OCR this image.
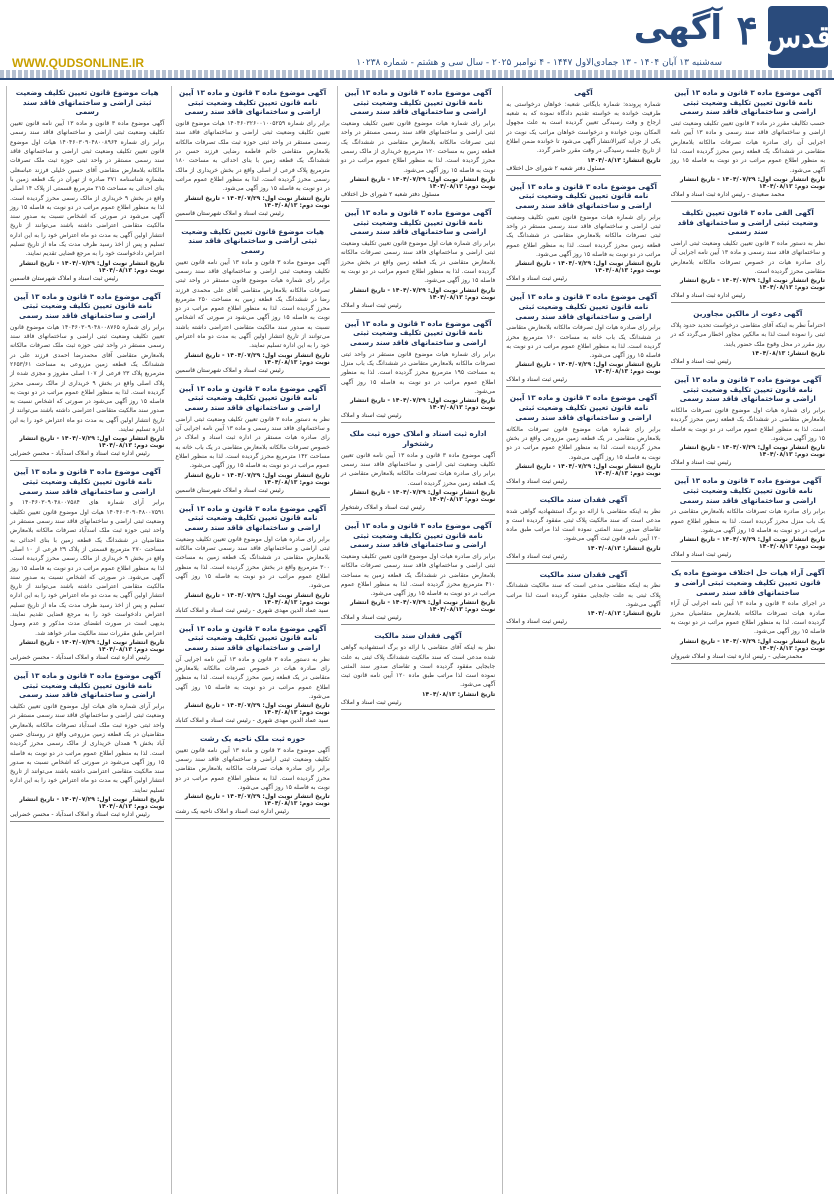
قدس
۴
آگهی
سه‌شنبه ۱۳ آبان ۱۴۰۴ - ۱۳ جمادی‌الاول ۱۴۴۷ - ۴ نوامبر ۲۰۲۵ - سال سی و هشتم - شماره ۱۰۲۳۸
WWW.QUDSONLINE.IR
هیات موضوع قانون تعیین تکلیف وضعیت ثبتی اراضی و ساختمانهای فاقد سند رسمی
آگهی موضوع ماده ۳ قانون و ماده ۱۳ آیین نامه قانون تعیین تکلیف وضعیت ثبتی اراضی و ساختمانهای فاقد سند رسمی برابر رای شماره ۱۴۰۴۶۰۳۰۹۰۴۸۰۰۸۹۶۴ هیات اول موضوع قانون تعیین تکلیف وضعیت ثبتی اراضی و ساختمانهای فاقد سند رسمی مستقر در واحد ثبتی حوزه ثبت ملک تصرفات مالکانه بلامعارض متقاضی آقای حسین خلیلی فرزند عباسعلی بشماره شناسنامه ۳۷۱ صادره از تهران در یک قطعه زمین با بنای احداثی به مساحت ۲۱۵ مترمربع قسمتی از پلاک ۱۴ اصلی واقع در بخش ۹ خریداری از مالک رسمی محرز گردیده است. لذا به منظور اطلاع عموم مراتب در دو نوبت به فاصله ۱۵ روز آگهی می‌شود در صورتی که اشخاص نسبت به صدور سند مالکیت متقاضی اعتراضی داشته باشند می‌توانند از تاریخ انتشار اولین آگهی به مدت دو ماه اعتراض خود را به این اداره تسلیم و پس از اخذ رسید ظرف مدت یک ماه از تاریخ تسلیم اعتراض دادخواست خود را به مرجع قضایی تقدیم نمایند.
تاریخ انتشار نوبت اول: ۱۴۰۴/۰۷/۲۹ - تاریخ انتشار نوبت دوم: ۱۴۰۴/۰۸/۱۳
رئیس ثبت اسناد و املاک شهرستان قاسمین
آگهی موضوع ماده ۳ قانون و ماده ۱۳ آیین نامه قانون تعیین تکلیف وضعیت ثبتی اراضی و ساختمانهای فاقد سند رسمی
برابر رای شماره ۱۴۰۴۶۰۳۰۹۰۴۸۰۰۸۷۶۵ هیات موضوع قانون تعیین تکلیف وضعیت ثبتی اراضی و ساختمانهای فاقد سند رسمی مستقر در واحد ثبتی حوزه ثبت ملک تصرفات مالکانه بلامعارض متقاضی آقای محمدرضا احمدی فرزند علی در ششدانگ یک قطعه زمین مزروعی به مساحت ۲۶۵۳/۶۱ مترمربع پلاک ۲۳ فرعی از ۱۰۷ اصلی مفروز و مجزی شده از پلاک اصلی واقع در بخش ۹ خریداری از مالک رسمی محرز گردیده است. لذا به منظور اطلاع عموم مراتب در دو نوبت به فاصله ۱۵ روز آگهی می‌شود در صورتی که اشخاص نسبت به صدور سند مالکیت متقاضی اعتراضی داشته باشند می‌توانند از تاریخ انتشار اولین آگهی به مدت دو ماه اعتراض خود را به این اداره تسلیم نمایند.
تاریخ انتشار نوبت اول: ۱۴۰۴/۰۷/۲۹ - تاریخ انتشار نوبت دوم: ۱۴۰۴/۰۸/۱۳
رئیس اداره ثبت اسناد و املاک اسدآباد - محسن خضرایی
آگهی موضوع ماده ۳ قانون و ماده ۱۳ آیین نامه قانون تعیین تکلیف وضعیت ثبتی اراضی و ساختمانهای فاقد سند رسمی
برابر آرای شماره های ۱۴۰۴۶۰۳۰۹۰۴۸۰۰۷۵۸۴ و ۱۴۰۴۶۰۳۰۹۰۴۸۰۰۷۵۹۱ هیات اول موضوع قانون تعیین تکلیف وضعیت ثبتی اراضی و ساختمانهای فاقد سند رسمی مستقر در واحد ثبتی حوزه ثبت ملک اسدآباد تصرفات مالکانه بلامعارض متقاضیان در ششدانگ یک قطعه زمین با بنای احداثی به مساحت ۲۷۰ مترمربع قسمتی از پلاک ۲۹ فرعی از ۱۰ اصلی واقع در بخش ۹ خریداری از مالک رسمی محرز گردیده است. لذا به منظور اطلاع عموم مراتب در دو نوبت به فاصله ۱۵ روز آگهی می‌شود. در صورتی که اشخاص نسبت به صدور سند مالکیت متقاضی اعتراضی داشته باشند می‌توانند از تاریخ انتشار اولین آگهی به مدت دو ماه اعتراض خود را به این اداره تسلیم و پس از اخذ رسید ظرف مدت یک ماه از تاریخ تسلیم اعتراض دادخواست خود را به مرجع قضایی تقدیم نمایند. بدیهی است در صورت انقضای مدت مذکور و عدم وصول اعتراض طبق مقررات سند مالکیت صادر خواهد شد.
تاریخ انتشار نوبت اول: ۱۴۰۴/۰۷/۲۹ - تاریخ انتشار نوبت دوم: ۱۴۰۴/۰۸/۱۳
رئیس اداره ثبت اسناد و املاک اسدآباد - محسن خضرایی
آگهی موضوع ماده ۳ قانون و ماده ۱۳ آیین نامه قانون تعیین تکلیف وضعیت ثبتی اراضی و ساختمانهای فاقد سند رسمی
برابر آرای شماره های هیات اول موضوع قانون تعیین تکلیف وضعیت ثبتی اراضی و ساختمانهای فاقد سند رسمی مستقر در واحد ثبتی حوزه ثبت ملک اسدآباد تصرفات مالکانه بلامعارض متقاضیان در یک قطعه زمین مزروعی واقع در روستای حسن آباد بخش ۹ همدان خریداری از مالک رسمی محرز گردیده است. لذا به منظور اطلاع عموم مراتب در دو نوبت به فاصله ۱۵ روز آگهی می‌شود در صورتی که اشخاص نسبت به صدور سند مالکیت متقاضی اعتراضی داشته باشند می‌توانند از تاریخ انتشار اولین آگهی به مدت دو ماه اعتراض خود را به این اداره تسلیم نمایند.
تاریخ انتشار نوبت اول: ۱۴۰۴/۰۷/۲۹ - تاریخ انتشار نوبت دوم: ۱۴۰۴/۰۸/۱۳
رئیس اداره ثبت اسناد و املاک اسدآباد - محسن خضرایی
آگهی موضوع ماده ۳ قانون و ماده ۱۳ آیین نامه قانون تعیین تکلیف وضعیت ثبتی اراضی و ساختمانهای فاقد سند رسمی
برابر رای شماره ۱۴۰۴۶۰۳۲۶۰۰۱۰۰۵۲۵۹ هیات موضوع قانون تعیین تکلیف وضعیت ثبتی اراضی و ساختمانهای فاقد سند رسمی مستقر در واحد ثبتی حوزه ثبت ملک تصرفات مالکانه بلامعارض متقاضی خانم فاطمه رضایی فرزند حسن در ششدانگ یک قطعه زمین با بنای احداثی به مساحت ۱۸۰ مترمربع پلاک فرعی از اصلی واقع در بخش خریداری از مالک رسمی محرز گردیده است. لذا به منظور اطلاع عموم مراتب در دو نوبت به فاصله ۱۵ روز آگهی می‌شود.
تاریخ انتشار نوبت اول: ۱۴۰۴/۰۷/۲۹ - تاریخ انتشار نوبت دوم: ۱۴۰۴/۰۸/۱۳
رئیس ثبت اسناد و املاک شهرستان قاسمین
هیات موضوع قانون تعیین تکلیف وضعیت ثبتی اراضی و ساختمانهای فاقد سند رسمی
آگهی موضوع ماده ۳ قانون و ماده ۱۳ آیین نامه قانون تعیین تکلیف وضعیت ثبتی اراضی و ساختمانهای فاقد سند رسمی برابر رای شماره هیات موضوع قانون مستقر در واحد ثبتی تصرفات مالکانه بلامعارض متقاضی آقای علی محمدی فرزند رضا در ششدانگ یک قطعه زمین به مساحت ۲۵۰ مترمربع محرز گردیده است. لذا به منظور اطلاع عموم مراتب در دو نوبت به فاصله ۱۵ روز آگهی می‌شود در صورتی که اشخاص نسبت به صدور سند مالکیت متقاضی اعتراضی داشته باشند می‌توانند از تاریخ انتشار اولین آگهی به مدت دو ماه اعتراض خود را به این اداره تسلیم نمایند.
تاریخ انتشار نوبت اول: ۱۴۰۴/۰۷/۲۹ - تاریخ انتشار نوبت دوم: ۱۴۰۴/۰۸/۱۳
رئیس ثبت اسناد و املاک شهرستان قاسمین
آگهی موضوع ماده ۳ قانون و ماده ۱۳ آیین نامه قانون تعیین تکلیف وضعیت ثبتی اراضی و ساختمانهای فاقد سند رسمی
نظر به دستور ماده ۳ قانون تعیین تکلیف وضعیت ثبتی اراضی و ساختمانهای فاقد سند رسمی و ماده ۱۳ آیین نامه اجرایی آن رای صادره هیات مستقر در اداره ثبت اسناد و املاک در خصوص تصرفات مالکانه بلامعارض متقاضی در یک باب خانه به مساحت ۱۴۲ مترمربع محرز گردیده است. لذا به منظور اطلاع عموم مراتب در دو نوبت به فاصله ۱۵ روز آگهی می‌شود.
تاریخ انتشار نوبت اول: ۱۴۰۴/۰۷/۲۹ - تاریخ انتشار نوبت دوم: ۱۴۰۴/۰۸/۱۳
رئیس ثبت اسناد و املاک شهرستان قاسمین
آگهی موضوع ماده ۳ قانون و ماده ۱۳ آیین نامه قانون تعیین تکلیف وضعیت ثبتی اراضی و ساختمانهای فاقد سند رسمی
برابر رای صادره هیات اول موضوع قانون تعیین تکلیف وضعیت ثبتی اراضی و ساختمانهای فاقد سند رسمی تصرفات مالکانه بلامعارض متقاضی در ششدانگ یک قطعه زمین به مساحت ۳۰۰ مترمربع واقع در بخش محرز گردیده است. لذا به منظور اطلاع عموم مراتب در دو نوبت به فاصله ۱۵ روز آگهی می‌شود.
تاریخ انتشار نوبت اول: ۱۴۰۴/۰۷/۲۹ - تاریخ انتشار نوبت دوم: ۱۴۰۴/۰۸/۱۳
سید عماد الدین مهدی شهری - رئیس ثبت اسناد و املاک کناباد
آگهی موضوع ماده ۳ قانون و ماده ۱۳ آیین نامه قانون تعیین تکلیف وضعیت ثبتی اراضی و ساختمانهای فاقد سند رسمی
نظر به دستور ماده ۳ قانون و ماده ۱۳ آیین نامه اجرایی آن رای صادره هیات در خصوص تصرفات مالکانه بلامعارض متقاضی در یک قطعه زمین محرز گردیده است. لذا به منظور اطلاع عموم مراتب در دو نوبت به فاصله ۱۵ روز آگهی می‌شود.
تاریخ انتشار نوبت اول: ۱۴۰۴/۰۷/۲۹ - تاریخ انتشار نوبت دوم: ۱۴۰۴/۰۸/۱۳
سید عماد الدین مهدی شهری - رئیس ثبت اسناد و املاک کناباد
حوزه ثبت ملک ناحیه یک رشت
آگهی موضوع ماده ۳ قانون و ماده ۱۳ آیین نامه قانون تعیین تکلیف وضعیت ثبتی اراضی و ساختمانهای فاقد سند رسمی برابر رای صادره هیات تصرفات مالکانه بلامعارض متقاضی محرز گردیده است. لذا به منظور اطلاع عموم مراتب در دو نوبت به فاصله ۱۵ روز آگهی می‌شود.
تاریخ انتشار نوبت اول: ۱۴۰۴/۰۷/۲۹ - تاریخ انتشار نوبت دوم: ۱۴۰۴/۰۸/۱۳
رئیس اداره ثبت اسناد و املاک ناحیه یک رشت
آگهی موضوع ماده ۳ قانون و ماده ۱۳ آیین نامه قانون تعیین تکلیف وضعیت ثبتی اراضی و ساختمانهای فاقد سند رسمی
برابر رای شماره هیات موضوع قانون تعیین تکلیف وضعیت ثبتی اراضی و ساختمانهای فاقد سند رسمی مستقر در واحد ثبتی تصرفات مالکانه بلامعارض متقاضی در ششدانگ یک قطعه زمین به مساحت ۱۲۰ مترمربع خریداری از مالک رسمی محرز گردیده است. لذا به منظور اطلاع عموم مراتب در دو نوبت به فاصله ۱۵ روز آگهی می‌شود.
تاریخ انتشار نوبت اول: ۱۴۰۴/۰۷/۲۹ - تاریخ انتشار نوبت دوم: ۱۴۰۴/۰۸/۱۳
مسئول دفتر شعبه ۲ شورای حل اختلاف
آگهی موضوع ماده ۳ قانون و ماده ۱۳ آیین نامه قانون تعیین تکلیف وضعیت ثبتی اراضی و ساختمانهای فاقد سند رسمی
برابر رای شماره هیات اول موضوع قانون تعیین تکلیف وضعیت ثبتی اراضی و ساختمانهای فاقد سند رسمی تصرفات مالکانه بلامعارض متقاضی در یک قطعه زمین واقع در بخش محرز گردیده است. لذا به منظور اطلاع عموم مراتب در دو نوبت به فاصله ۱۵ روز آگهی می‌شود.
تاریخ انتشار نوبت اول: ۱۴۰۴/۰۷/۲۹ - تاریخ انتشار نوبت دوم: ۱۴۰۴/۰۸/۱۳
رئیس ثبت اسناد و املاک
آگهی موضوع ماده ۳ قانون و ماده ۱۳ آیین نامه قانون تعیین تکلیف وضعیت ثبتی اراضی و ساختمانهای فاقد سند رسمی
برابر رای شماره هیات موضوع قانون مستقر در واحد ثبتی تصرفات مالکانه بلامعارض متقاضی در ششدانگ یک باب منزل به مساحت ۱۹۵ مترمربع محرز گردیده است. لذا به منظور اطلاع عموم مراتب در دو نوبت به فاصله ۱۵ روز آگهی می‌شود.
تاریخ انتشار نوبت اول: ۱۴۰۴/۰۷/۲۹ - تاریخ انتشار نوبت دوم: ۱۴۰۴/۰۸/۱۳
رئیس ثبت اسناد و املاک
اداره ثبت اسناد و املاک حوزه ثبت ملک رشتخوار
آگهی موضوع ماده ۳ قانون و ماده ۱۳ آیین نامه قانون تعیین تکلیف وضعیت ثبتی اراضی و ساختمانهای فاقد سند رسمی برابر رای صادره هیات تصرفات مالکانه بلامعارض متقاضی در یک قطعه زمین محرز گردیده است.
تاریخ انتشار نوبت اول: ۱۴۰۴/۰۷/۲۹ - تاریخ انتشار نوبت دوم: ۱۴۰۴/۰۸/۱۳
رئیس ثبت اسناد و املاک رشتخوار
آگهی موضوع ماده ۳ قانون و ماده ۱۳ آیین نامه قانون تعیین تکلیف وضعیت ثبتی اراضی و ساختمانهای فاقد سند رسمی
برابر رای صادره هیات اول موضوع قانون تعیین تکلیف وضعیت ثبتی اراضی و ساختمانهای فاقد سند رسمی تصرفات مالکانه بلامعارض متقاضی در ششدانگ یک قطعه زمین به مساحت ۴۱۰ مترمربع محرز گردیده است. لذا به منظور اطلاع عموم مراتب در دو نوبت به فاصله ۱۵ روز آگهی می‌شود.
تاریخ انتشار نوبت اول: ۱۴۰۴/۰۷/۲۹ - تاریخ انتشار نوبت دوم: ۱۴۰۴/۰۸/۱۳
رئیس ثبت اسناد و املاک
آگهی فقدان سند مالکیت
نظر به اینکه آقای متقاضی با ارائه دو برگ استشهادیه گواهی شده مدعی است که سند مالکیت ششدانگ پلاک ثبتی به علت جابجایی مفقود گردیده است و تقاضای صدور سند المثنی نموده است لذا مراتب طبق ماده ۱۲۰ آیین نامه قانون ثبت آگهی می‌شود.
تاریخ انتشار: ۱۴۰۴/۰۸/۱۳
رئیس ثبت اسناد و املاک
آگهی
شماره پرونده: شماره بایگانی شعبه: خواهان درخواستی به طرفیت خوانده به خواسته تقدیم دادگاه نموده که به شعبه ارجاع و وقت رسیدگی تعیین گردیده است به علت مجهول المکان بودن خوانده و درخواست خواهان مراتب یک نوبت در یکی از جراید کثیرالانتشار آگهی می‌شود تا خوانده ضمن اطلاع از تاریخ جلسه رسیدگی در وقت مقرر حاضر گردد.
تاریخ انتشار: ۱۴۰۴/۰۸/۱۳
مسئول دفتر شعبه ۲ شورای حل اختلاف
آگهی موضوع ماده ۳ قانون و ماده ۱۳ آیین نامه قانون تعیین تکلیف وضعیت ثبتی اراضی و ساختمانهای فاقد سند رسمی
برابر رای شماره هیات موضوع قانون تعیین تکلیف وضعیت ثبتی اراضی و ساختمانهای فاقد سند رسمی مستقر در واحد ثبتی تصرفات مالکانه بلامعارض متقاضی در ششدانگ یک قطعه زمین محرز گردیده است. لذا به منظور اطلاع عموم مراتب در دو نوبت به فاصله ۱۵ روز آگهی می‌شود.
تاریخ انتشار نوبت اول: ۱۴۰۴/۰۷/۲۹ - تاریخ انتشار نوبت دوم: ۱۴۰۴/۰۸/۱۳
رئیس ثبت اسناد و املاک
آگهی موضوع ماده ۳ قانون و ماده ۱۳ آیین نامه قانون تعیین تکلیف وضعیت ثبتی اراضی و ساختمانهای فاقد سند رسمی
برابر رای صادره هیات اول تصرفات مالکانه بلامعارض متقاضی در ششدانگ یک باب خانه به مساحت ۱۶۰ مترمربع محرز گردیده است. لذا به منظور اطلاع عموم مراتب در دو نوبت به فاصله ۱۵ روز آگهی می‌شود.
تاریخ انتشار نوبت اول: ۱۴۰۴/۰۷/۲۹ - تاریخ انتشار نوبت دوم: ۱۴۰۴/۰۸/۱۳
رئیس ثبت اسناد و املاک
آگهی موضوع ماده ۳ قانون و ماده ۱۳ آیین نامه قانون تعیین تکلیف وضعیت ثبتی اراضی و ساختمانهای فاقد سند رسمی
برابر رای شماره هیات موضوع قانون تصرفات مالکانه بلامعارض متقاضی در یک قطعه زمین مزروعی واقع در بخش محرز گردیده است. لذا به منظور اطلاع عموم مراتب در دو نوبت به فاصله ۱۵ روز آگهی می‌شود.
تاریخ انتشار نوبت اول: ۱۴۰۴/۰۷/۲۹ - تاریخ انتشار نوبت دوم: ۱۴۰۴/۰۸/۱۳
رئیس ثبت اسناد و املاک
آگهی فقدان سند مالکیت
نظر به اینکه متقاضی با ارائه دو برگ استشهادیه گواهی شده مدعی است که سند مالکیت پلاک ثبتی مفقود گردیده است و تقاضای صدور سند المثنی نموده است لذا مراتب طبق ماده ۱۲۰ آیین نامه قانون ثبت آگهی می‌شود.
تاریخ انتشار: ۱۴۰۴/۰۸/۱۳
رئیس ثبت اسناد و املاک
آگهی فقدان سند مالکیت
نظر به اینکه متقاضی مدعی است که سند مالکیت ششدانگ پلاک ثبتی به علت جابجایی مفقود گردیده است لذا مراتب آگهی می‌شود.
تاریخ انتشار: ۱۴۰۴/۰۸/۱۳
رئیس ثبت اسناد و املاک
آگهی موضوع ماده ۳ قانون و ماده ۱۳ آیین نامه قانون تعیین تکلیف وضعیت ثبتی اراضی و ساختمانهای فاقد سند رسمی
حسب تکالیف مقرر در ماده ۳ قانون تعیین تکلیف وضعیت ثبتی اراضی و ساختمانهای فاقد سند رسمی و ماده ۱۳ آیین نامه اجرایی آن رای صادره هیات تصرفات مالکانه بلامعارض متقاضی در ششدانگ یک قطعه زمین محرز گردیده است. لذا به منظور اطلاع عموم مراتب در دو نوبت به فاصله ۱۵ روز آگهی می‌شود.
تاریخ انتشار نوبت اول: ۱۴۰۴/۰۷/۲۹ - تاریخ انتشار نوبت دوم: ۱۴۰۴/۰۸/۱۳
محمد صعیدی - رئیس اداره ثبت اسناد و املاک
آگهی الفی ماده ۳ قانون تعیین تکلیف وضعیت ثبتی اراضی و ساختمانهای فاقد سند رسمی
نظر به دستور ماده ۳ قانون تعیین تکلیف وضعیت ثبتی اراضی و ساختمانهای فاقد سند رسمی و ماده ۱۳ آیین نامه اجرایی آن رای صادره هیات در خصوص تصرفات مالکانه بلامعارض متقاضی محرز گردیده است.
تاریخ انتشار نوبت اول: ۱۴۰۴/۰۷/۲۹ - تاریخ انتشار نوبت دوم: ۱۴۰۴/۰۸/۱۳
رئیس اداره ثبت اسناد و املاک
آگهی دعوت از مالکین مجاورین
احتراماً نظر به اینکه آقای متقاضی درخواست تحدید حدود پلاک ثبتی را نموده است لذا به مالکین مجاور اخطار می‌گردد که در روز مقرر در محل وقوع ملک حضور یابند.
تاریخ انتشار: ۱۴۰۴/۰۸/۱۳
رئیس ثبت اسناد و املاک
آگهی موضوع ماده ۳ قانون و ماده ۱۳ آیین نامه قانون تعیین تکلیف وضعیت ثبتی اراضی و ساختمانهای فاقد سند رسمی
برابر رای شماره هیات اول موضوع قانون تصرفات مالکانه بلامعارض متقاضی در ششدانگ یک قطعه زمین محرز گردیده است. لذا به منظور اطلاع عموم مراتب در دو نوبت به فاصله ۱۵ روز آگهی می‌شود.
تاریخ انتشار نوبت اول: ۱۴۰۴/۰۷/۲۹ - تاریخ انتشار نوبت دوم: ۱۴۰۴/۰۸/۱۳
رئیس ثبت اسناد و املاک
آگهی موضوع ماده ۳ قانون و ماده ۱۳ آیین نامه قانون تعیین تکلیف وضعیت ثبتی اراضی و ساختمانهای فاقد سند رسمی
برابر رای صادره هیات تصرفات مالکانه بلامعارض متقاضی در یک باب منزل محرز گردیده است. لذا به منظور اطلاع عموم مراتب در دو نوبت به فاصله ۱۵ روز آگهی می‌شود.
تاریخ انتشار نوبت اول: ۱۴۰۴/۰۷/۲۹ - تاریخ انتشار نوبت دوم: ۱۴۰۴/۰۸/۱۳
رئیس ثبت اسناد و املاک
آگهی آراء هیات حل اختلاف موضوع ماده یک قانون تعیین تکلیف وضعیت ثبتی اراضی و ساختمانهای فاقد سند رسمی
در اجرای ماده ۳ قانون و ماده ۱۳ آیین نامه اجرایی آن آراء صادره هیات تصرفات مالکانه بلامعارض متقاضیان محرز گردیده است. لذا به منظور اطلاع عموم مراتب در دو نوبت به فاصله ۱۵ روز آگهی می‌شود.
تاریخ انتشار نوبت اول: ۱۴۰۴/۰۷/۲۹ - تاریخ انتشار نوبت دوم: ۱۴۰۴/۰۸/۱۳
محمدرضایی - رئیس اداره ثبت اسناد و املاک شیروان
